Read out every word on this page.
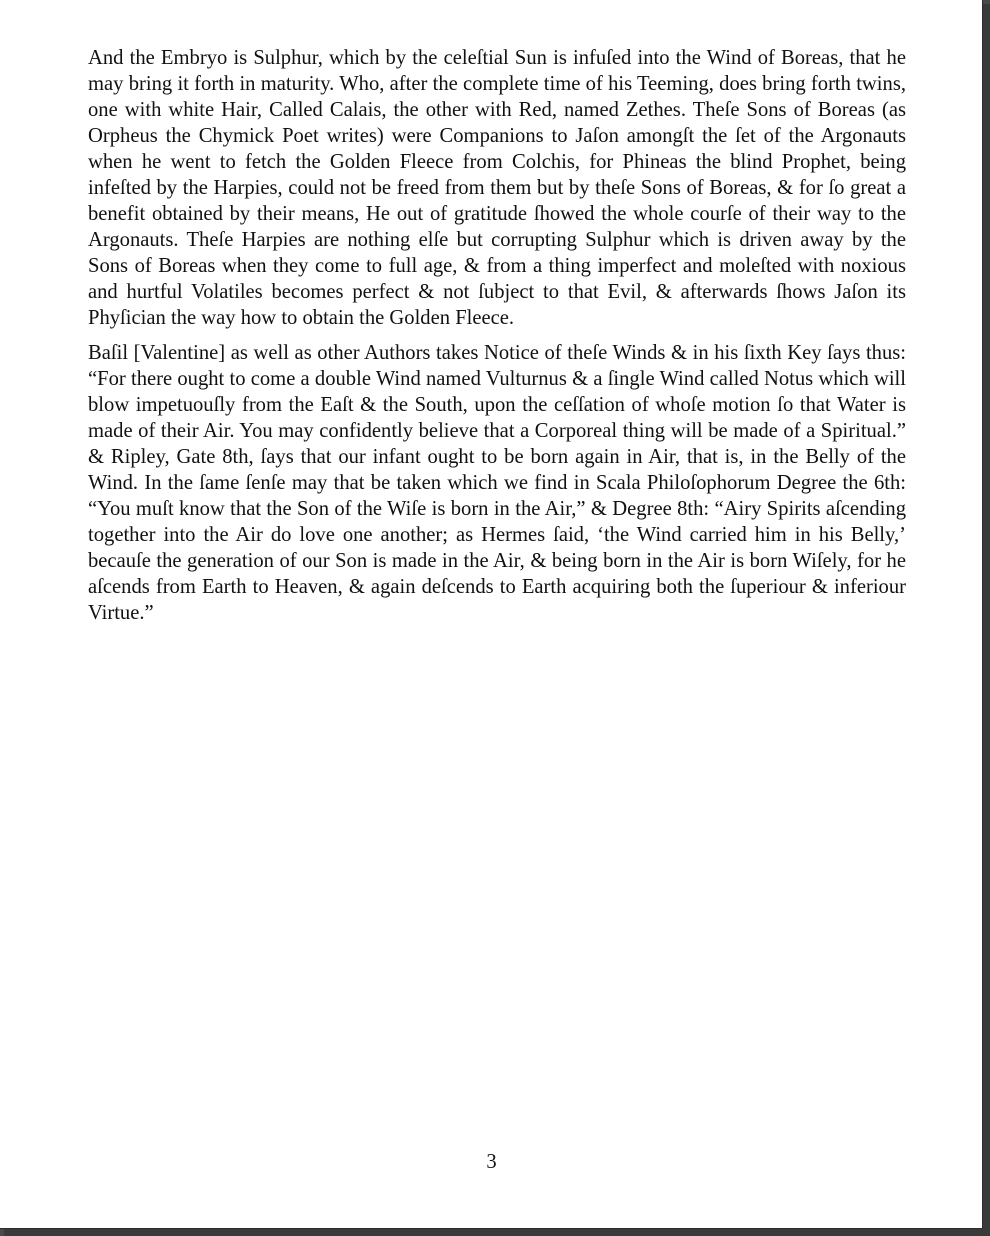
And the Embryo is Sulphur, which by the celeſtial Sun is infuſed into the Wind of Boreas, that he may bring it forth in maturity. Who, after the complete time of his Teeming, does bring forth twins, one with white Hair, Called Calais, the other with Red, named Zethes. Theſe Sons of Boreas (as Orpheus the Chymick Poet writes) were Companions to Jaſon amongſt the ſet of the Argonauts when he went to fetch the Golden Fleece from Colchis, for Phineas the blind Prophet, being infeſted by the Harpies, could not be freed from them but by theſe Sons of Boreas, & for ſo great a benefit obtained by their means, He out of gratitude ſhowed the whole courſe of their way to the Argonauts. Theſe Harpies are nothing elſe but corrupting Sulphur which is driven away by the Sons of Boreas when they come to full age, & from a thing imperfect and moleſted with noxious and hurtful Volatiles becomes perfect & not ſubject to that Evil, & afterwards ſhows Jaſon its Phyſician the way how to obtain the Golden Fleece.

Baſil [Valentine] as well as other Authors takes Notice of theſe Winds & in his ſixth Key ſays thus: “For there ought to come a double Wind named Vulturnus & a ſingle Wind called Notus which will blow impetuouſly from the Eaſt & the South, upon the ceſſation of whoſe motion ſo that Water is made of their Air. You may confidently believe that a Corporeal thing will be made of a Spiritual.” & Ripley, Gate 8th, ſays that our infant ought to be born again in Air, that is, in the Belly of the Wind. In the ſame ſenſe may that be taken which we find in Scala Philoſophorum Degree the 6th: “You muſt know that the Son of the Wiſe is born in the Air,” & Degree 8th: “Airy Spirits aſcending together into the Air do love one another; as Hermes ſaid, ‘the Wind carried him in his Belly,’ becauſe the generation of our Son is made in the Air, & being born in the Air is born Wiſely, for he aſcends from Earth to Heaven, & again deſcends to Earth acquiring both the ſuperiour & inferiour Virtue.”

3
